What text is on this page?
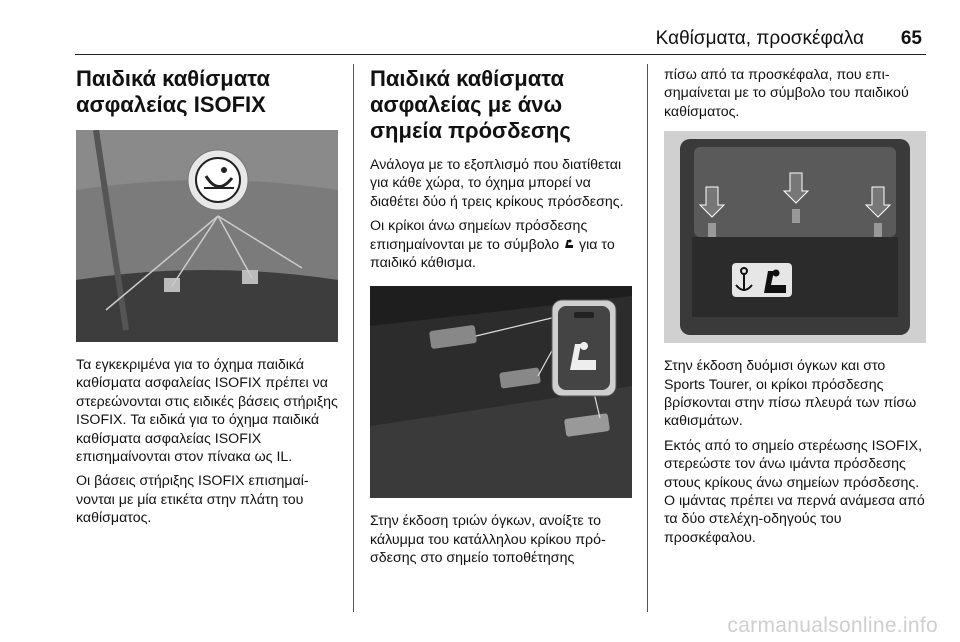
Καθίσματα, προσκέφαλα 65
Παιδικά καθίσματα ασφαλείας ISOFIX

Τα εγκεκριμένα για το όχημα παιδικά καθίσματα ασφαλείας ISOFIX πρέπει να στερεώνονται στις ειδικές βάσεις στήριξης ISOFIX. Τα ειδικά για το όχημα παιδικά καθίσματα ασφαλείας ISOFIX επισημαίνονται στον πίνακα ως IL.

Οι βάσεις στήριξης ISOFIX επισημαίνονται με μία ετικέτα στην πλάτη του καθίσματος.

Παιδικά καθίσματα ασφαλείας με άνω σημεία πρόσδεσης

Ανάλογα με το εξοπλισμό που διατίθεται για κάθε χώρα, το όχημα μπορεί να διαθέτει δύο ή τρεις κρίκους πρόσδεσης.

Οι κρίκοι άνω σημείων πρόσδεσης επισημαίνονται με το σύμβολο για το παιδικό κάθισμα.

Στην έκδοση τριών όγκων, ανοίξτε το κάλυμμα του κατάλληλου κρίκου πρόσδεσης στο σημείο τοποθέτησης

πίσω από τα προσκέφαλα, που επισημαίνεται με το σύμβολο του παιδικού καθίσματος.

Στην έκδοση δυόμισι όγκων και στο Sports Tourer, οι κρίκοι πρόσδεσης βρίσκονται στην πίσω πλευρά των πίσω καθισμάτων.

Εκτός από το σημείο στερέωσης ISOFIX, στερεώστε τον άνω ιμάντα πρόσδεσης στους κρίκους άνω σημείων πρόσδεσης. Ο ιμάντας πρέπει να περνά ανάμεσα από τα δύο στελέχη-οδηγούς του προσκέφαλου.

carmanualsonline.info
